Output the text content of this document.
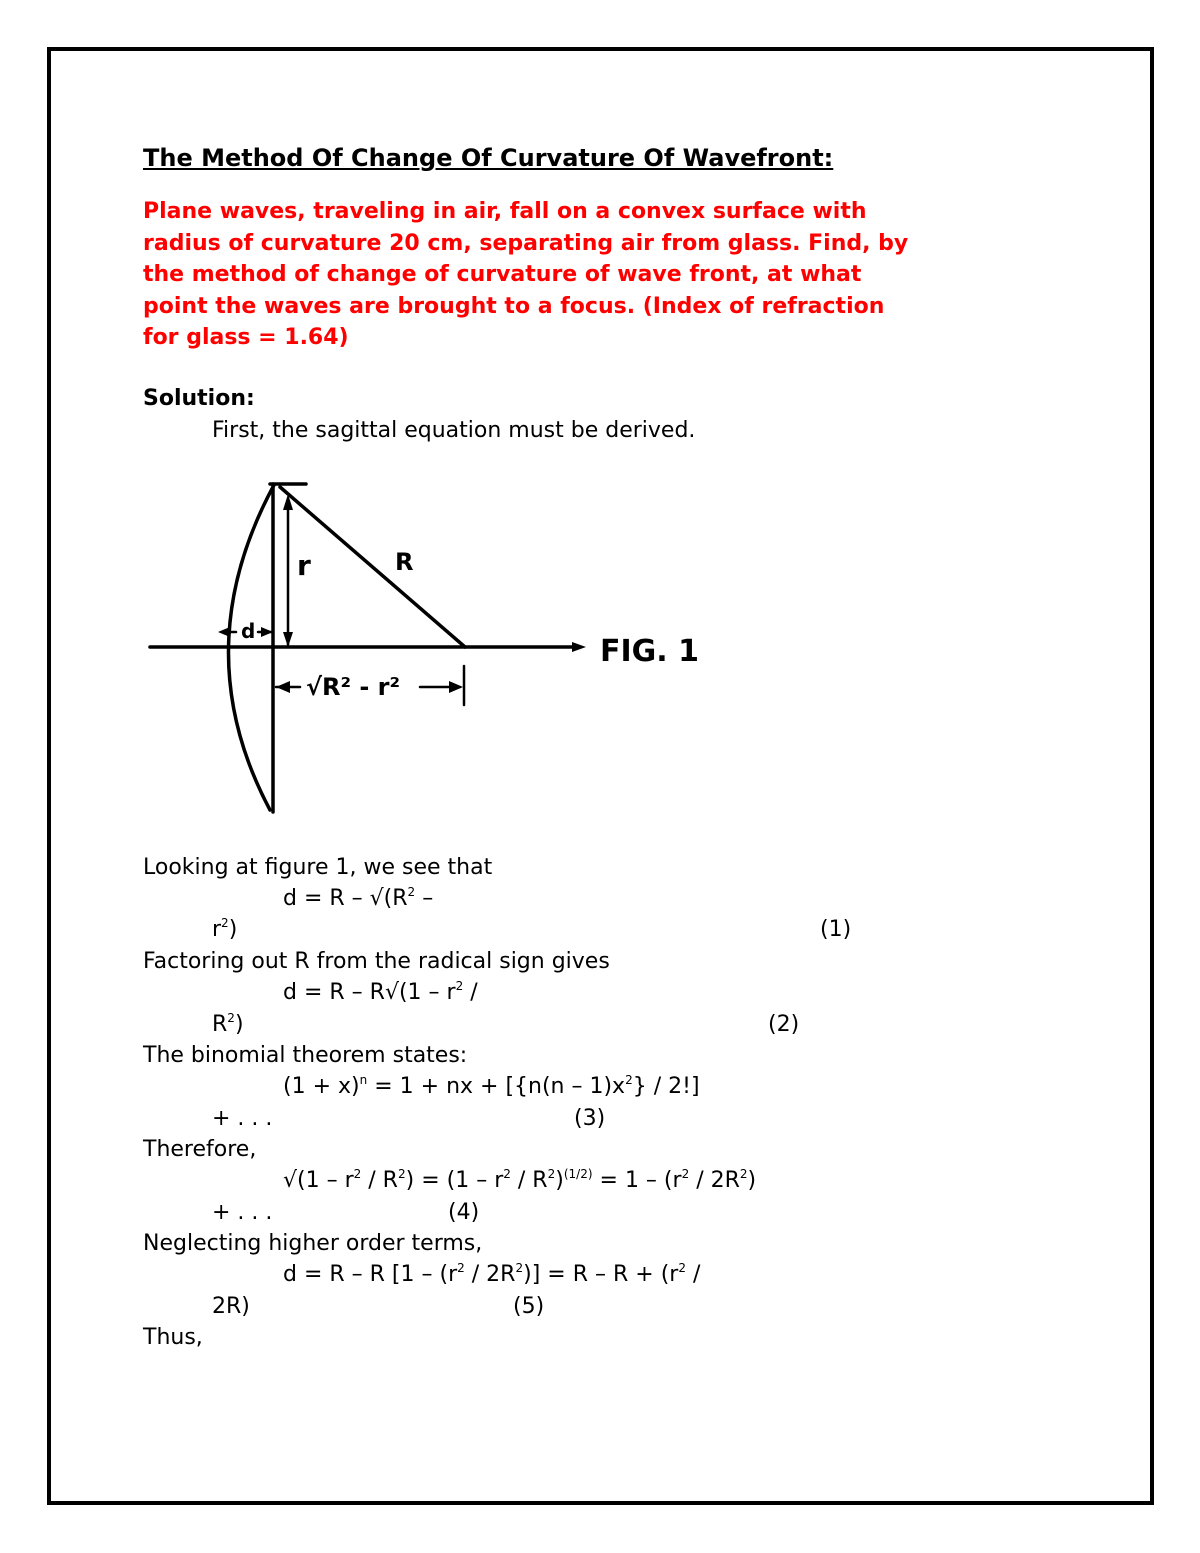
The Method Of Change Of Curvature Of Wavefront:
Plane waves, traveling in air, fall on a convex surface with
radius of curvature 20 cm, separating air from glass. Find, by
the method of change of curvature of wave front, at what
point the waves are brought to a focus. (Index of refraction
for glass = 1.64)
Solution:
First, the sagittal equation must be derived.
r	R
d
√R² - r²
FIG. 1
Looking at figure 1, we see that
$d = R - √(R^2$ –
$r^2$)	(1)
Factoring out R from the radical sign gives
$d = R - R√(1 - r^2$ /
$R^2$)	(2)
The binomial theorem states:
$(1 + x)^n = 1$ + nx + $[\{n(n - 1)x^2\} / 2!]$
+ . . .	(3)
Therefore,
$√(1 - r^2 / R^2) = (1 - r^2 / R^2)^{(1/2)} = 1 - (r^2 / 2R^2)$
+ . . .	(4)
Neglecting higher order terms,
d = R – R $[1 - (r^2 / 2R^2)] = R - R + (r^2$ /
2R)	(5)
Thus,
